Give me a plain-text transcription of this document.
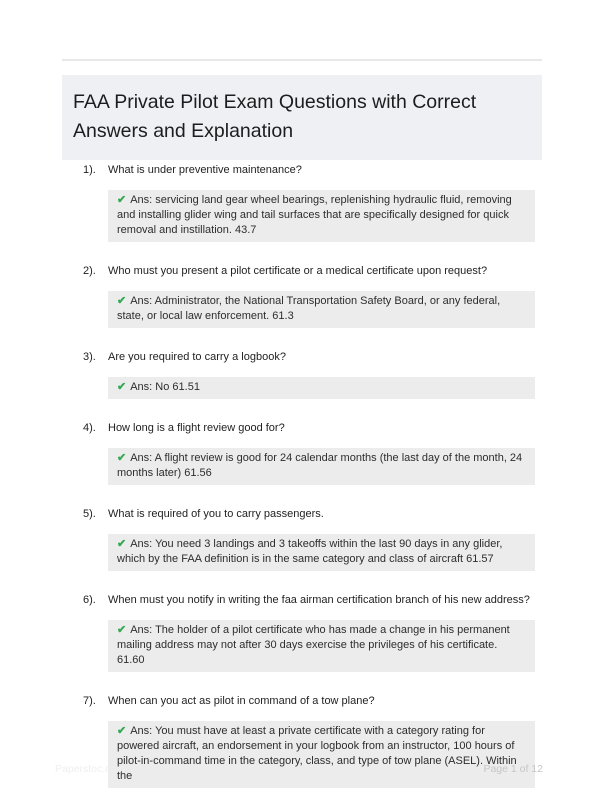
FAA Private Pilot Exam Questions with Correct Answers and Explanation
1).	What is under preventive maintenance?
✔ Ans: servicing land gear wheel bearings, replenishing hydraulic fluid, removing and installing glider wing and tail surfaces that are specifically designed for quick removal and instillation. 43.7
2).	Who must you present a pilot certificate or a medical certificate upon request?
✔ Ans: Administrator, the National Transportation Safety Board, or any federal, state, or local law enforcement. 61.3
3).	Are you required to carry a logbook?
✔ Ans: No 61.51
4).	How long is a flight review good for?
✔ Ans: A flight review is good for 24 calendar months (the last day of the month, 24 months later) 61.56
5).	What is required of you to carry passengers.
✔ Ans: You need 3 landings and 3 takeoffs within the last 90 days in any glider, which by the FAA definition is in the same category and class of aircraft 61.57
6).	When must you notify in writing the faa airman certification branch of his new address?
✔ Ans: The holder of a pilot certificate who has made a change in his permanent mailing address may not after 30 days exercise the privileges of his certificate. 61.60
7).	When can you act as pilot in command of a tow plane?
✔ Ans: You must have at least a private certificate with a category rating for powered aircraft, an endorsement in your logbook from an instructor, 100 hours of pilot-in-command time in the category, class, and type of tow plane (ASEL). Within the
Paperstoc.com	Page 1 of 12
